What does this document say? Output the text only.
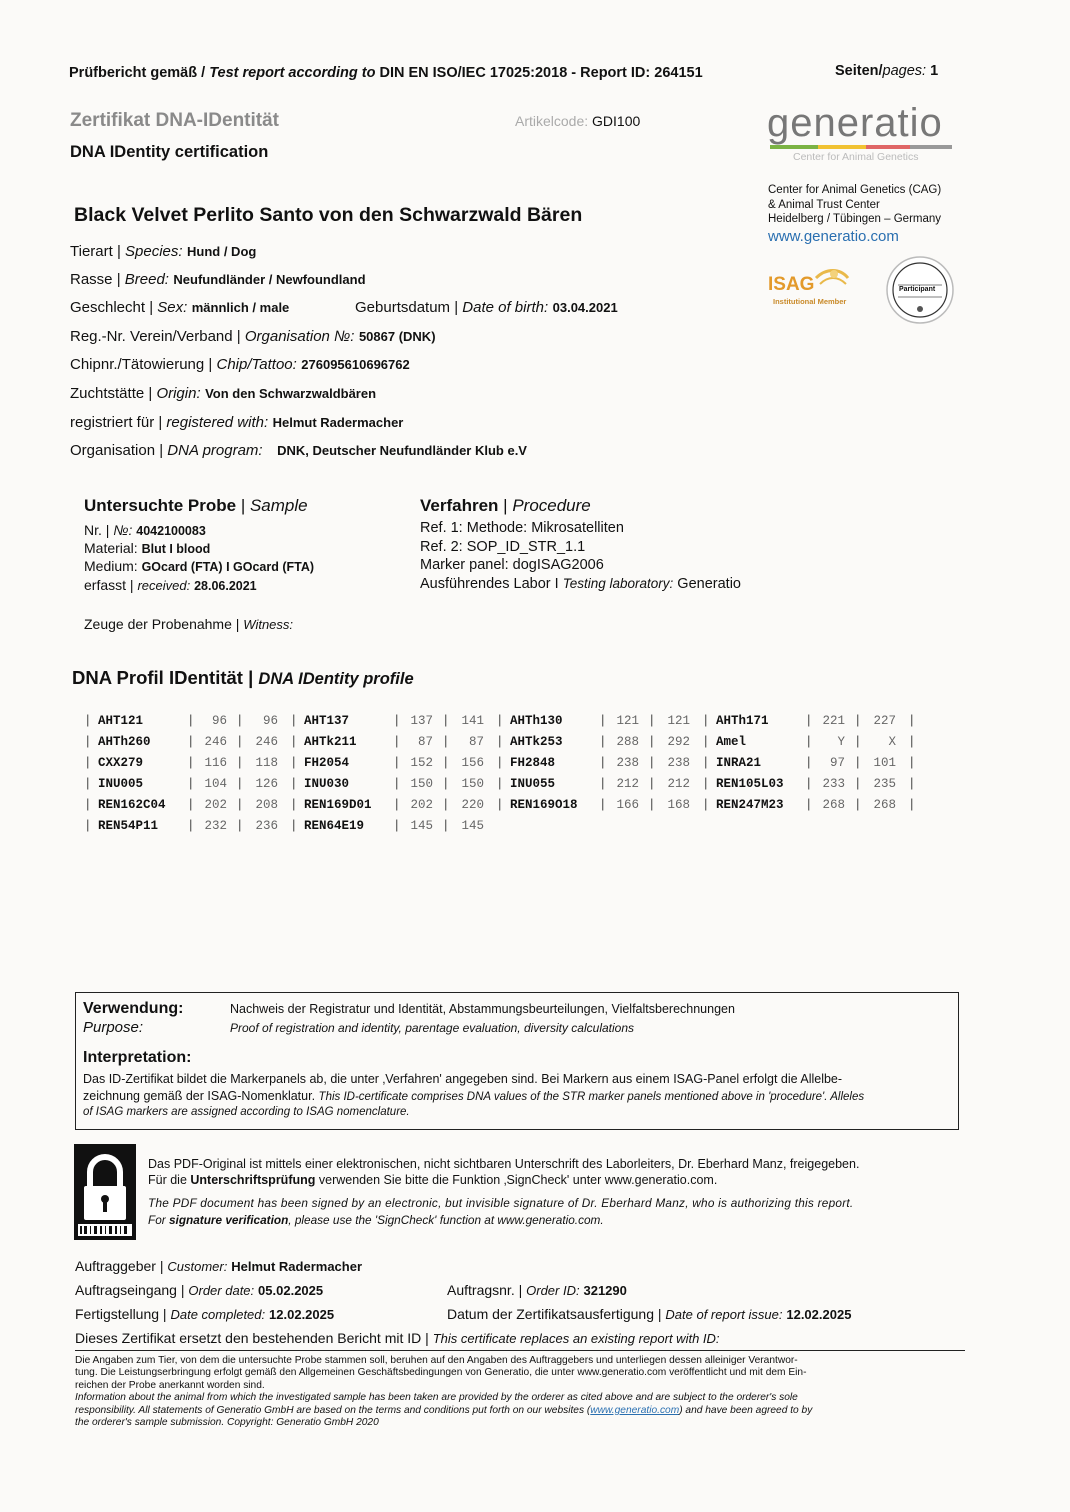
Prüfbericht gemäß / Test report according to DIN EN ISO/IEC 17025:2018 - Report ID: 264151	Seiten/pages: 1
Zertifikat DNA-IDentität
DNA IDentity certification
Artikelcode: GDI100	generatio
Center for Animal Genetics
Center for Animal Genetics (CAG)
& Animal Trust Center
Heidelberg / Tübingen – Germany
www.generatio.com
ISAG
Institutional Member
Participant
Black Velvet Perlito Santo von den Schwarzwald Bären
Tierart | Species: Hund / Dog
Rasse | Breed: Neufundländer / Newfoundland
Geschlecht | Sex: männlich / male	Geburtsdatum | Date of birth: 03.04.2021
Reg.-Nr. Verein/Verband | Organisation №: 50867 (DNK)
Chipnr./Tätowierung | Chip/Tattoo: 276095610696762
Zuchtstätte | Origin: Von den Schwarzwaldbären
registriert für | registered with: Helmut Radermacher
Organisation | DNA program: DNK, Deutscher Neufundländer Klub e.V
Untersuchte Probe | Sample
Nr. | №: 4042100083
Material: Blut I blood
Medium: GOcard (FTA) I GOcard (FTA)
erfasst | received: 28.06.2021
Zeuge der Probenahme | Witness:
Verfahren | Procedure
Ref. 1: Methode: Mikrosatelliten
Ref. 2: SOP_ID_STR_1.1
Marker panel: dogISAG2006
Ausführendes Labor I Testing laboratory: Generatio
DNA Profil IDentität | DNA IDentity profile
| AHT121	|	96 |	96 | AHT137	| 137 | 141 | AHTh130	| 121 | 121 | AHTh171	| 221 | 227 |
| AHTh260	| 246 | 246 | AHTk211	|	87 |	87 | AHTk253	| 288 | 292 | Amel	|	Y |	X |
| CXX279	| 116 | 118 | FH2054	| 152 | 156 | FH2848	| 238 | 238 | INRA21	|	97 | 101 |
| INU005	| 104 | 126 | INU030	| 150 | 150 | INU055	| 212 | 212 | REN105L03 | 233 | 235 |
| REN162C04 | 202 | 208 | REN169D01 | 202 | 220 | REN169O18 | 166 | 168 | REN247M23 | 268 | 268 |
| REN54P11 | 232 | 236 | REN64E19 | 145 | 145
Verwendung:
Purpose:
Nachweis der Registratur und Identität, Abstammungsbeurteilungen, Vielfaltsberechnungen
Proof of registration and identity, parentage evaluation, diversity calculations
Interpretation:
Das ID-Zertifikat bildet die Markerpanels ab, die unter ‚Verfahren' angegeben sind. Bei Markern aus einem ISAG-Panel erfolgt die Allelbe-
zeichnung gemäß der ISAG-Nomenklatur. This ID-certificate comprises DNA values of the STR marker panels mentioned above in 'procedure'. Alleles
of ISAG markers are assigned according to ISAG nomenclature.
Das PDF-Original ist mittels einer elektronischen, nicht sichtbaren Unterschrift des Laborleiters, Dr. Eberhard Manz, freigegeben.
Für die Unterschriftsprüfung verwenden Sie bitte die Funktion ‚SignCheck' unter www.generatio.com.
The PDF document has been signed by an electronic, but invisible signature of Dr. Eberhard Manz, who is authorizing this report.
For signature verification, please use the 'SignCheck' function at www.generatio.com.
Auftraggeber | Customer: Helmut Radermacher
Auftragseingang | Order date: 05.02.2025	Auftragsnr. | Order ID: 321290
Fertigstellung | Date completed: 12.02.2025	Datum der Zertifikatsausfertigung | Date of report issue: 12.02.2025
Dieses Zertifikat ersetzt den bestehenden Bericht mit ID | This certificate replaces an existing report with ID:
Die Angaben zum Tier, von dem die untersuchte Probe stammen soll, beruhen auf den Angaben des Auftraggebers und unterliegen dessen alleiniger Verantwor-
tung. Die Leistungserbringung erfolgt gemäß den Allgemeinen Geschäftsbedingungen von Generatio, die unter www.generatio.com veröffentlicht und mit dem Ein-
reichen der Probe anerkannt worden sind.
Information about the animal from which the investigated sample has been taken are provided by the orderer as cited above and are subject to the orderer's sole
responsibility. All statements of Generatio GmbH are based on the terms and conditions put forth on our websites (www.generatio.com) and have been agreed to by
the orderer's sample submission. Copyright: Generatio GmbH 2020
